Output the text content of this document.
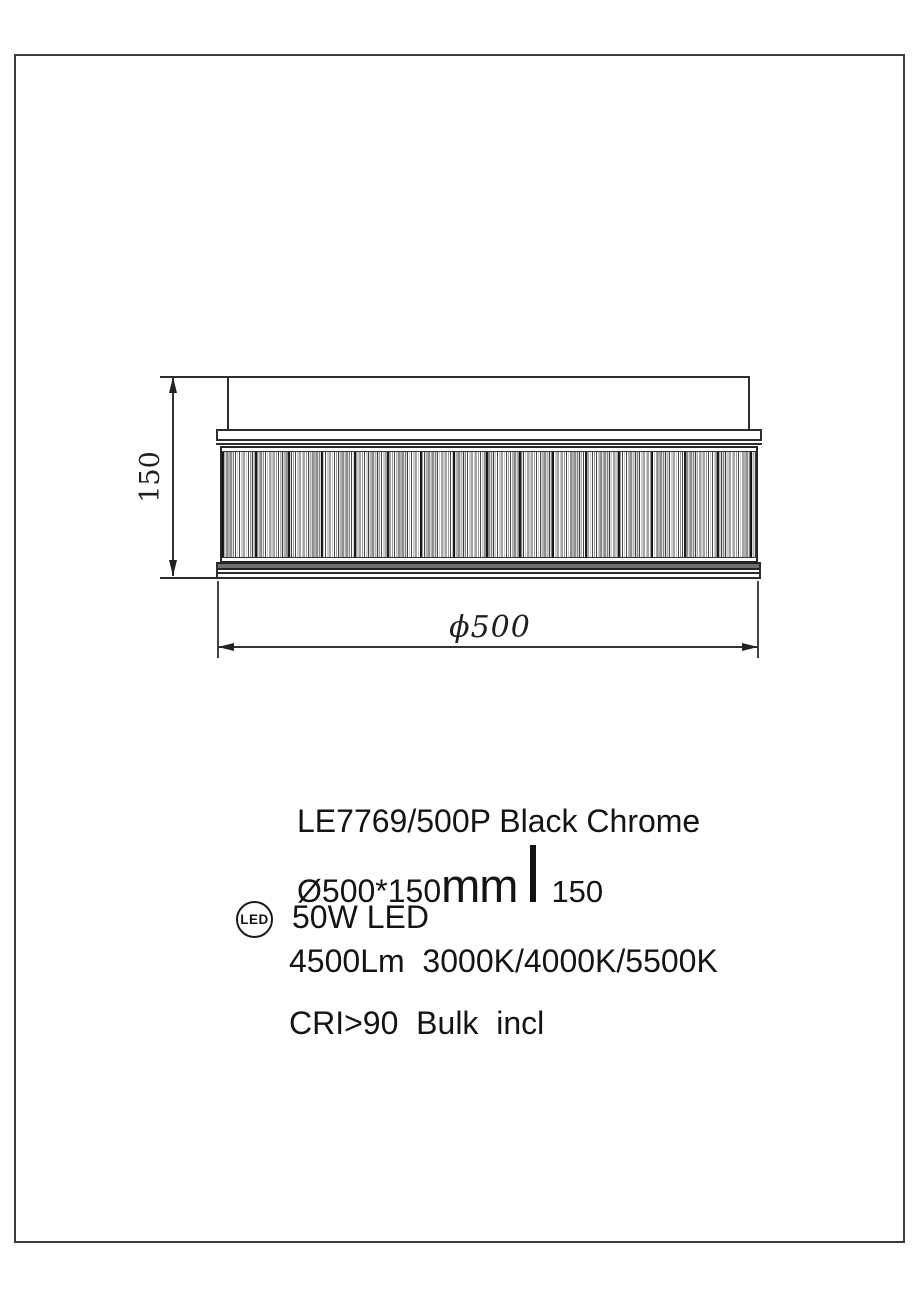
150
ϕ500
LE7769/500P Black Chrome
Ø500*150 mm 150
LED 50W LED
4500Lm  3000K/4000K/5500K
CRI>90  Bulk  incl
